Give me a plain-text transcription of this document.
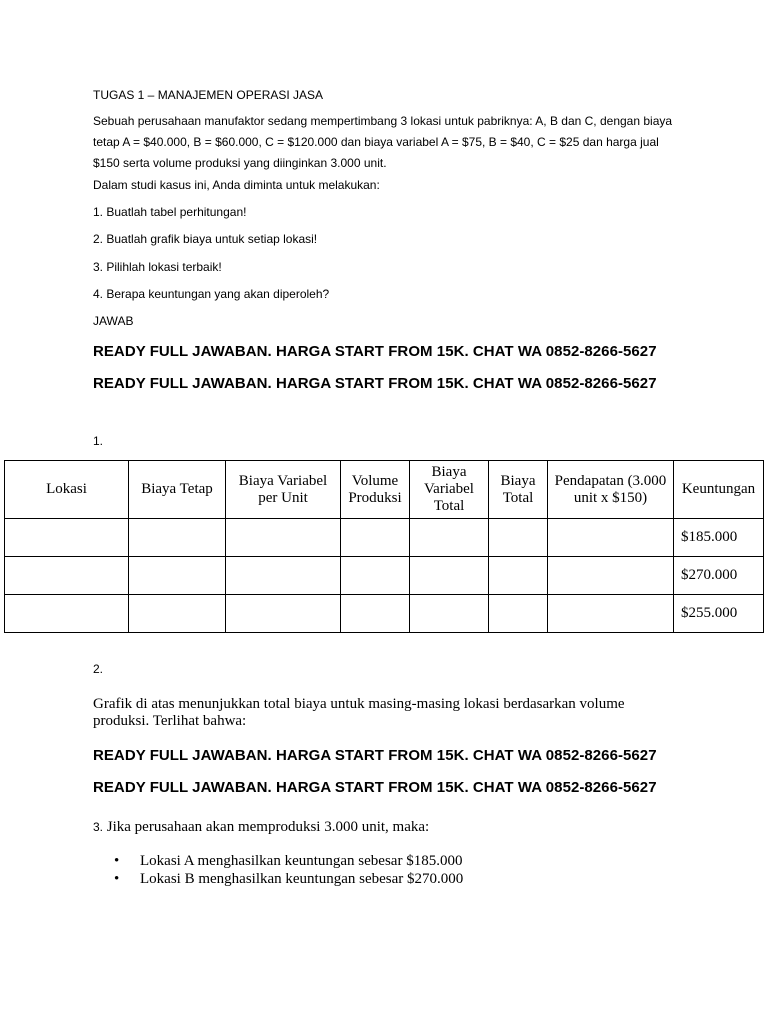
TUGAS 1 – MANAJEMEN OPERASI JASA

Sebuah perusahaan manufaktor sedang mempertimbang 3 lokasi untuk pabriknya: A, B dan C, dengan biaya tetap A = $40.000, B = $60.000, C = $120.000 dan biaya variabel A = $75, B = $40, C = $25 dan harga jual $150 serta volume produksi yang diinginkan 3.000 unit.

Dalam studi kasus ini, Anda diminta untuk melakukan:

1. Buatlah tabel perhitungan!

2. Buatlah grafik biaya untuk setiap lokasi!

3. Pilihlah lokasi terbaik!

4. Berapa keuntungan yang akan diperoleh?

JAWAB

READY FULL JAWABAN. HARGA START FROM 15K. CHAT WA 0852-8266-5627
READY FULL JAWABAN. HARGA START FROM 15K. CHAT WA 0852-8266-5627

1.

Lokasi	Biaya Tetap	Biaya Variabel per Unit	Volume Produksi	Biaya Variabel Total	Biaya Total	Pendapatan (3.000 unit x $150)	Keuntungan
							$185.000
							$270.000
							$255.000

2.

Grafik di atas menunjukkan total biaya untuk masing-masing lokasi berdasarkan volume produksi. Terlihat bahwa:

READY FULL JAWABAN. HARGA START FROM 15K. CHAT WA 0852-8266-5627
READY FULL JAWABAN. HARGA START FROM 15K. CHAT WA 0852-8266-5627

3. Jika perusahaan akan memproduksi 3.000 unit, maka:

• Lokasi A menghasilkan keuntungan sebesar $185.000
• Lokasi B menghasilkan keuntungan sebesar $270.000
